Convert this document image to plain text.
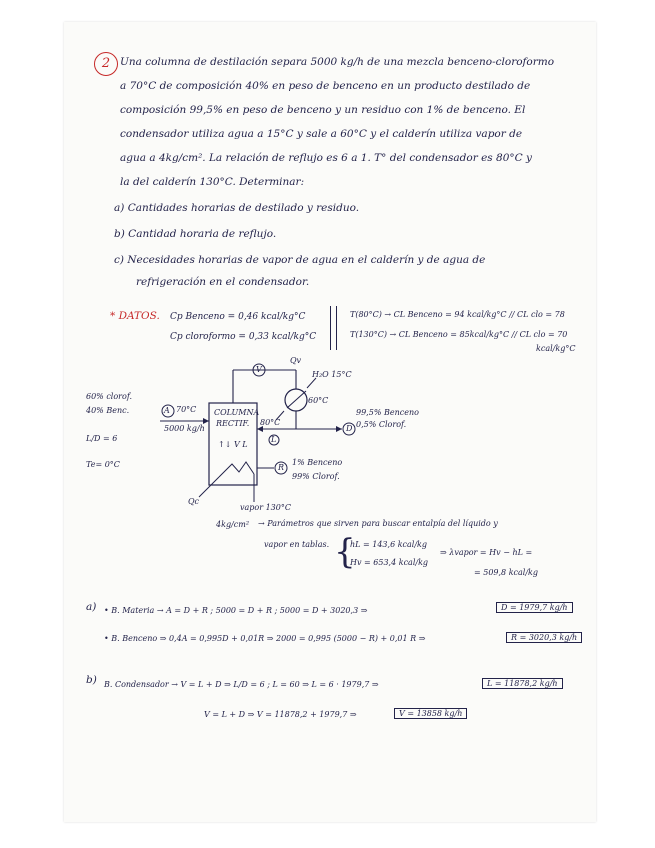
2 Una columna de destilación separa 5000 kg/h de una mezcla benceno-cloroformo
a 70°C de composición 40% en peso de benceno en un producto destilado de
composición 99,5% en peso de benceno y un residuo con 1% de benceno. El
condensador utiliza agua a 15°C y sale a 60°C y el calderín utiliza vapor de
agua a 4kg/cm². La relación de reflujo es 6 a 1. T° del condensador es 80°C y
la del calderín 130°C. Determinar:
a) Cantidades horarias de destilado y residuo.
b) Cantidad horaria de reflujo.
c) Necesidades horarias de vapor de agua en el calderín y de agua de
refrigeración en el condensador.
* DATOS. Cp Benceno = 0,46 kcal/kg°C
Cp cloroformo = 0,33 kcal/kg°C
T(80°C) → CL Benceno = 94 kcal/kg°C // CL clo = 78
T(130°C) → CL Benceno = 85kcal/kg°C // CL clo = 70
kcal/kg°C
60% clorof.
40% Benc.	A 70°C
5000 kg/h
L/D = 6
Te= 0°C
COLUMNA
RECTIF.
↑↓ V L
V
Qv
H₂O 15°C
80°C
60°C
L
D
99,5% Benceno
0,5% Clorof.
R
1% Benceno
99% Clorof.
Qc
vapor 130°C
4kg/cm² → Parámetros que sirven para buscar entalpía del líquido y
vapor en tablas. {
hL = 143,6 kcal/kg
Hv = 653,4 kcal/kg
⇒ λvapor = Hv − hL =
= 509,8 kcal/kg
a) • B. Materia → A = D + R ; 5000 = D + R ; 5000 = D + 3020,3 ⇒	D = 1979,7 kg/h
• B. Benceno ⇒ 0,4A = 0,995D + 0,01R ⇒ 2000 = 0,995 (5000 − R) + 0,01 R ⇒	R = 3020,3 kg/h
b) B. Condensador → V = L + D ⇒ L/D = 6 ; L = 60 ⇒ L = 6 · 1979,7 ⇒	L = 11878,2 kg/h
V = L + D ⇒ V = 11878,2 + 1979,7 ⇒	V = 13858 kg/h
